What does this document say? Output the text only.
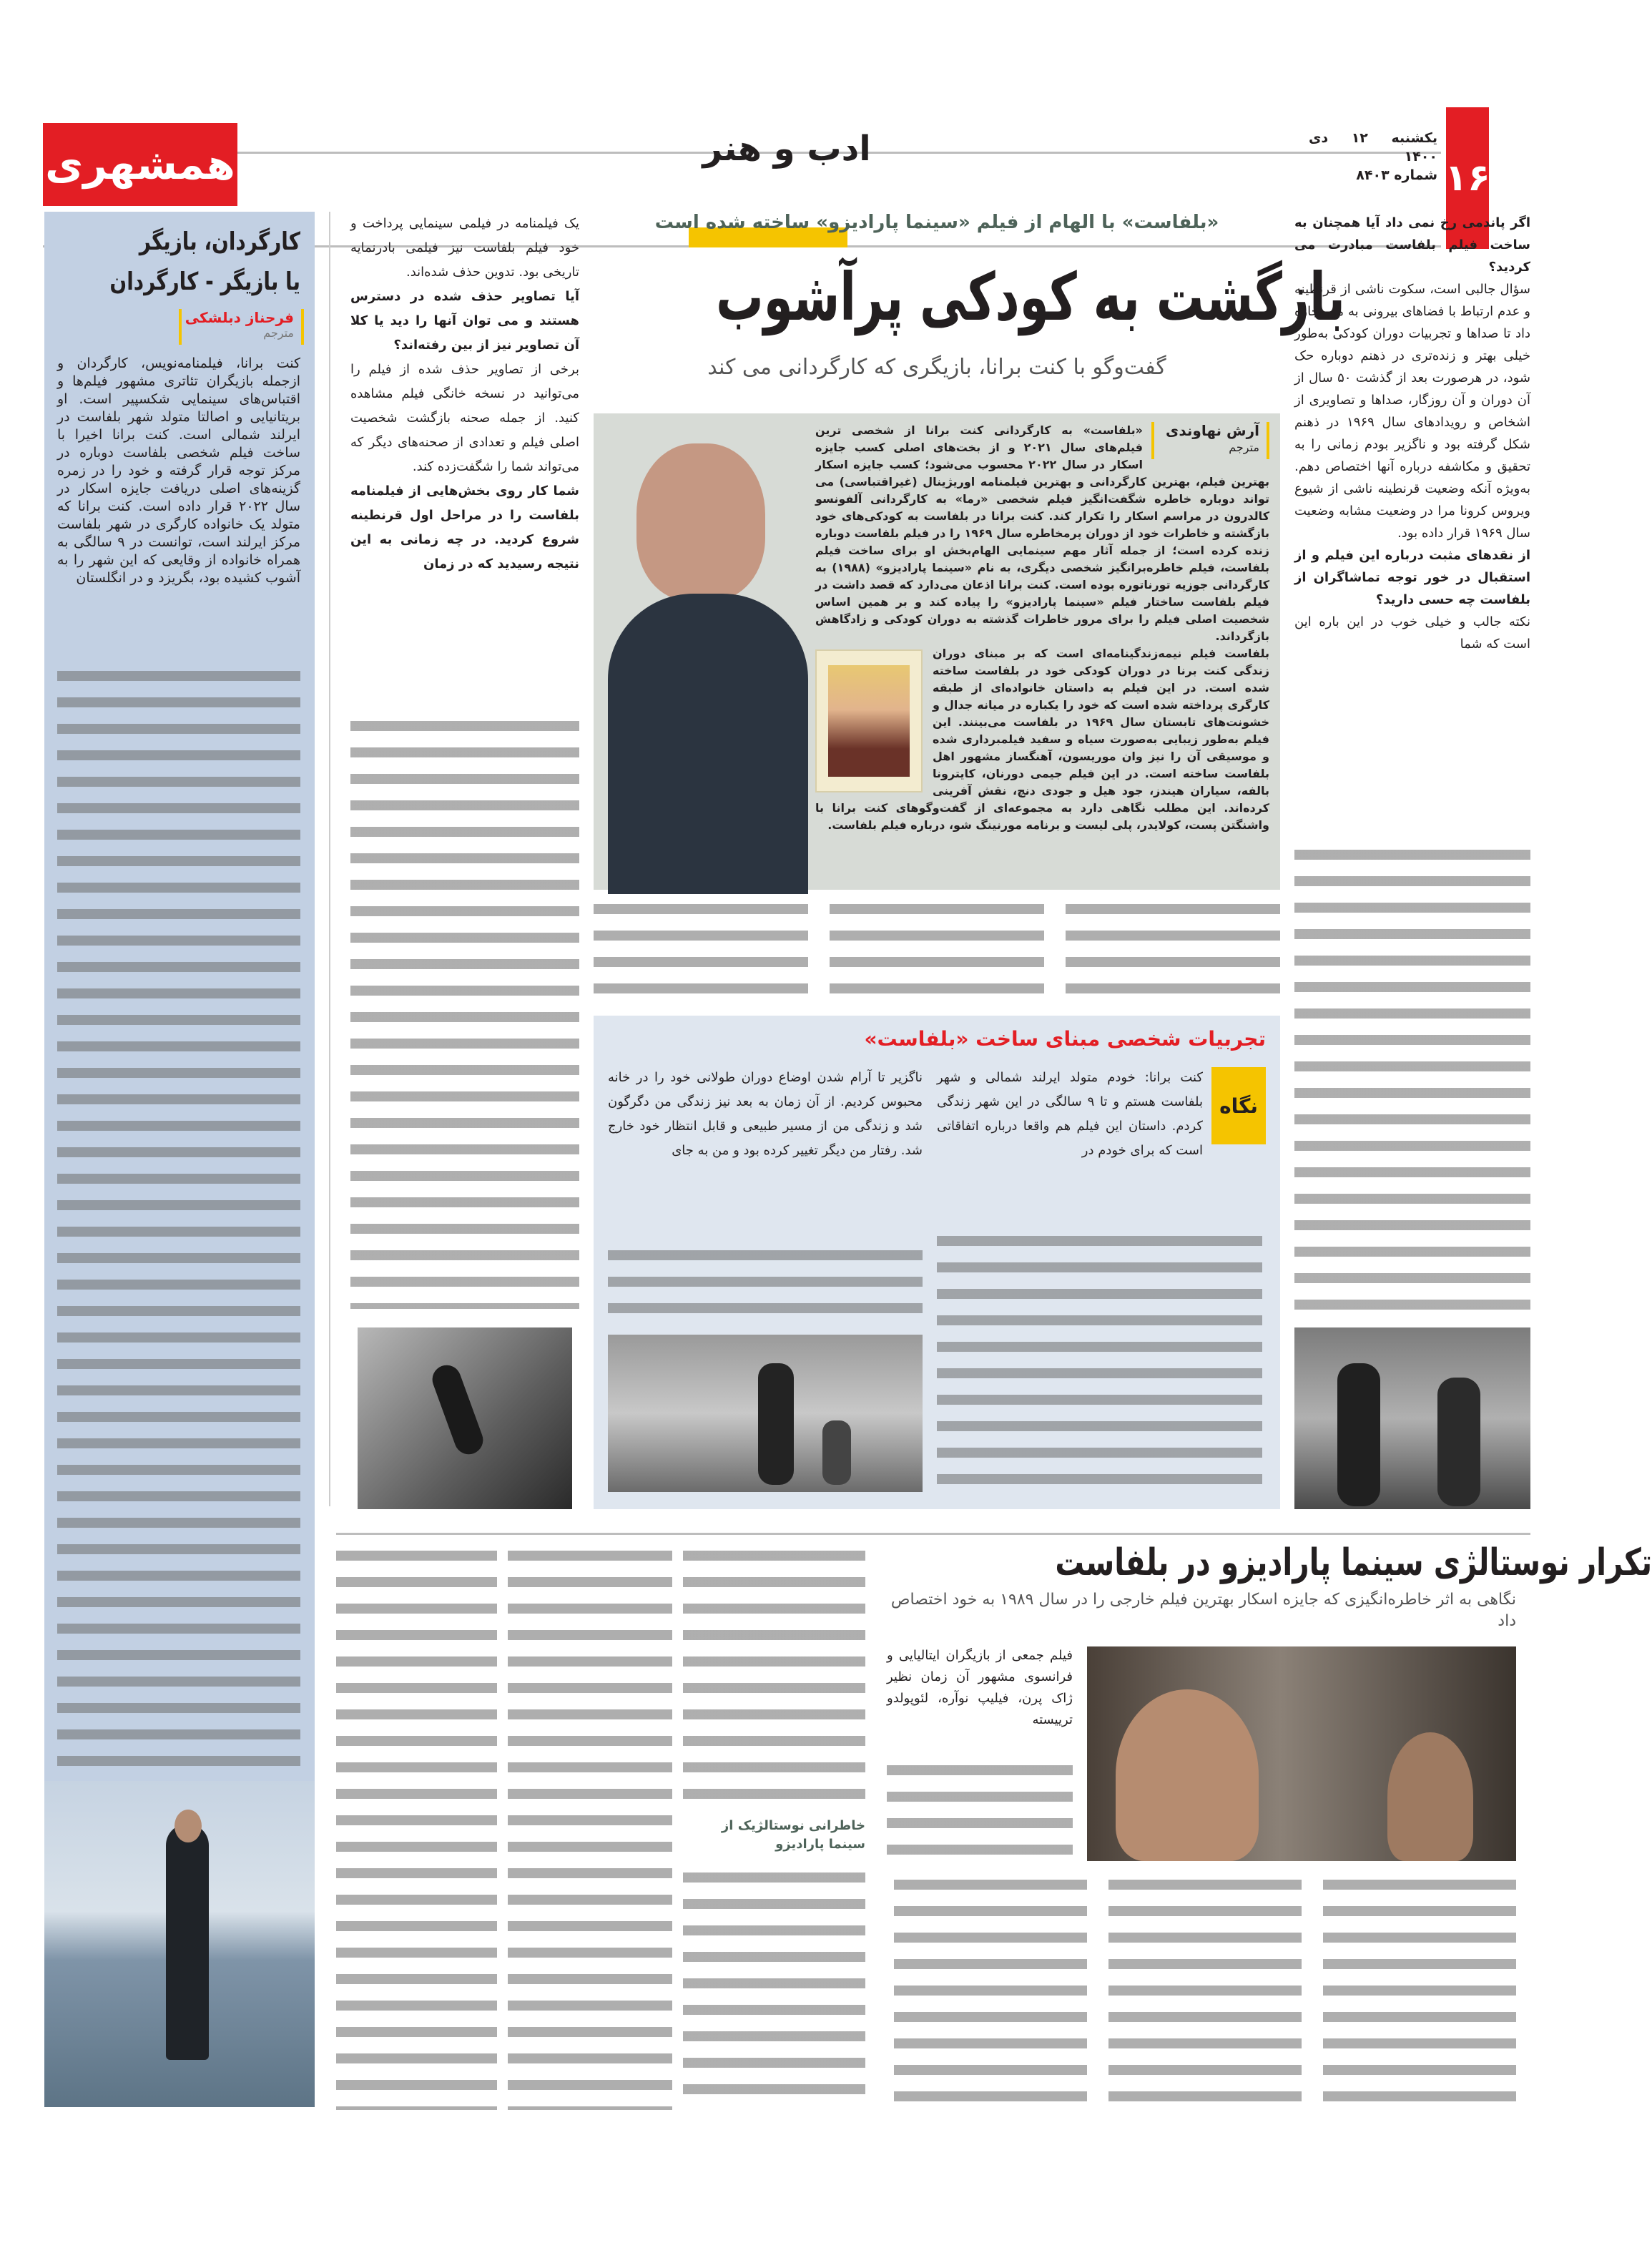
۱۶
یکشنبه ۱۲ دی ۱۴۰۰
شماره ۸۴۰۳
ادب و هنر
همشهری
کارگردان، بازیگر
یا بازیگر - کارگردان
فرحناز دبلشکی
مترجم
کنت برانا، فیلمنامه‌نویس، کارگردان و ازجمله بازیگران تئاتری مشهور فیلم‌ها و اقتباس‌های سینمایی شکسپیر است. او بریتانیایی و اصالتا متولد شهر بلفاست در ایرلند شمالی است. کنت برانا اخیرا با ساخت فیلم شخصی بلفاست دوباره در مرکز توجه قرار گرفته و خود را در زمره گزینه‌های اصلی دریافت جایزه اسکار در سال ۲۰۲۲ قرار داده است. کنت برانا که متولد یک خانواده کارگری در شهر بلفاست مرکز ایرلند است، توانست در ۹ سالگی به همراه خانواده از وقایعی که این شهر را به آشوب کشیده بود، بگریزد و در انگلستان
یک فیلمنامه در فیلمی سینمایی پرداخت و خود فیلم بلفاست نیز فیلمی بادرنمایه تاریخی بود. تدوین حذف شده‌اند.
آیا تصاویر حذف شده در دسترس هستند و می توان آنها را دید یا کلا آن تصاویر نیز از بین رفته‌اند؟
برخی از تصاویر حذف شده از فیلم را می‌توانید در نسخه خانگی فیلم مشاهده کنید. از جمله صحنه بازگشت شخصیت اصلی فیلم و تعدادی از صحنه‌های دیگر که می‌تواند شما را شگفت‌زده کند.
شما کار روی بخش‌هایی از فیلمنامه بلفاست را در مراحل اول قرنطینه شروع کردید. در چه زمانی به این نتیجه رسیدید که در زمان
«بلفاست» با الهام از فیلم «سینما پارادیزو» ساخته شده است
بازگشت به کودکی پرآشوب
گفت‌وگو با کنت برانا، بازیگری که کارگردانی می کند
آرش نهاوندی
مترجم
«بلفاست» به کارگردانی کنت برانا از شخصی ترین فیلم‌های سال ۲۰۲۱ و از بخت‌های اصلی کسب جایزه اسکار در سال ۲۰۲۲ محسوب می‌شود؛ کسب جایزه اسکار بهترین فیلم، بهترین کارگردانی و بهترین فیلمنامه اوریژینال (غیراقتباسی) می تواند دوباره خاطره شگفت‌انگیز فیلم شخصی «رما» به کارگردانی آلفونسو کالدرون در مراسم اسکار را تکرار کند. کنت برانا در بلفاست به کودکی‌های خود بازگشته و خاطرات خود از دوران پرمخاطره سال ۱۹۶۹ را در فیلم بلفاست دوباره زنده کرده است؛ از جمله آثار مهم سینمایی الهام‌بخش او برای ساخت فیلم بلفاست، فیلم خاطره‌برانگیز شخصی دیگری، به نام «سینما پارادیزو» (۱۹۸۸) به کارگردانی جوزپه تورناتوره بوده است. کنت برانا اذعان می‌دارد که قصد داشت در فیلم بلفاست ساختار فیلم «سینما پارادیزو» را پیاده کند و بر همین اساس شخصیت اصلی فیلم را برای مرور خاطرات گذشته به دوران کودکی و زادگاهش بازگرداند.
بلفاست فیلم نیمه‌زندگینامه‌ای است که بر مبنای دوران زندگی کنت برنا در دوران کودکی خود در بلفاست ساخته شده است. در این فیلم به داستان خانواده‌ای از طبقه کارگری پرداخته شده است که خود را یکباره در میانه جدال و خشونت‌های تابستان سال ۱۹۶۹ در بلفاست می‌بینند. این فیلم به‌طور زیبایی به‌صورت سیاه و سفید فیلمبرداری شده و موسیقی آن را نیز وان موریسون، آهنگساز مشهور اهل بلفاست ساخته است. در این فیلم جیمی دورنان، کایترونا بالفه، سیاران هیندز، جود هیل و جودی دنچ، نقش آفرینی کرده‌اند. این مطلب نگاهی دارد به مجموعه‌ای از گفت‌وگوهای کنت برانا با واشنگتن پست، کولایدر، پلی لیست و برنامه مورنینگ شو، درباره فیلم بلفاست.
تجربیات شخصی مبنای ساخت «بلفاست»
نگاه
کنت برانا: خودم متولد ایرلند شمالی و شهر بلفاست هستم و تا ۹ سالگی در این شهر زندگی کردم. داستان این فیلم هم واقعا درباره اتفاقاتی است که برای خودم در
ناگزیر تا آرام شدن اوضاع دوران طولانی خود را در خانه محبوس کردیم. از آن زمان به بعد نیز زندگی من دگرگون شد و زندگی من از مسیر طبیعی و قابل انتظار خود خارج شد. رفتار من دیگر تغییر کرده بود و من به جای
اگر پاندمی رخ نمی داد آیا همچنان به ساخت فیلم بلفاست مبادرت می کردید؟
سؤال جالبی است، سکوت ناشی از قرنطینه و عدم ارتباط با فضاهای بیرونی به من اجازه داد تا صداها و تجربیات دوران کودکی به‌طور خیلی بهتر و زنده‌تری در ذهنم دوباره حک شود، در هرصورت بعد از گذشت ۵۰ سال از آن دوران و آن روزگار، صداها و تصاویری از اشخاص و رویدادهای سال ۱۹۶۹ در ذهنم شکل گرفته بود و ناگزیر بودم زمانی را به تحقیق و مکاشفه درباره آنها اختصاص دهم. به‌ویژه آنکه وضعیت قرنطینه ناشی از شیوع ویروس کرونا مرا در وضعیت مشابه وضعیت سال ۱۹۶۹ قرار داده بود.
از نقدهای مثبت درباره این فیلم و از استقبال در خور توجه تماشاگران از بلفاست چه حسی دارید؟
نکته جالب و خیلی خوب در این باره این است که شما
تکرار نوستالژی سینما پارادیزو در بلفاست
نگاهی به اثر خاطره‌انگیزی که جایزه اسکار بهترین فیلم خارجی را در سال ۱۹۸۹ به خود اختصاص داد
فیلم جمعی از بازیگران ایتالیایی و فرانسوی مشهور آن زمان نظیر ژاک پرن، فیلیپ نوآره، لئوپولدو ترییسته
خاطرانی نوستالژیک از سینما پارادیزو
